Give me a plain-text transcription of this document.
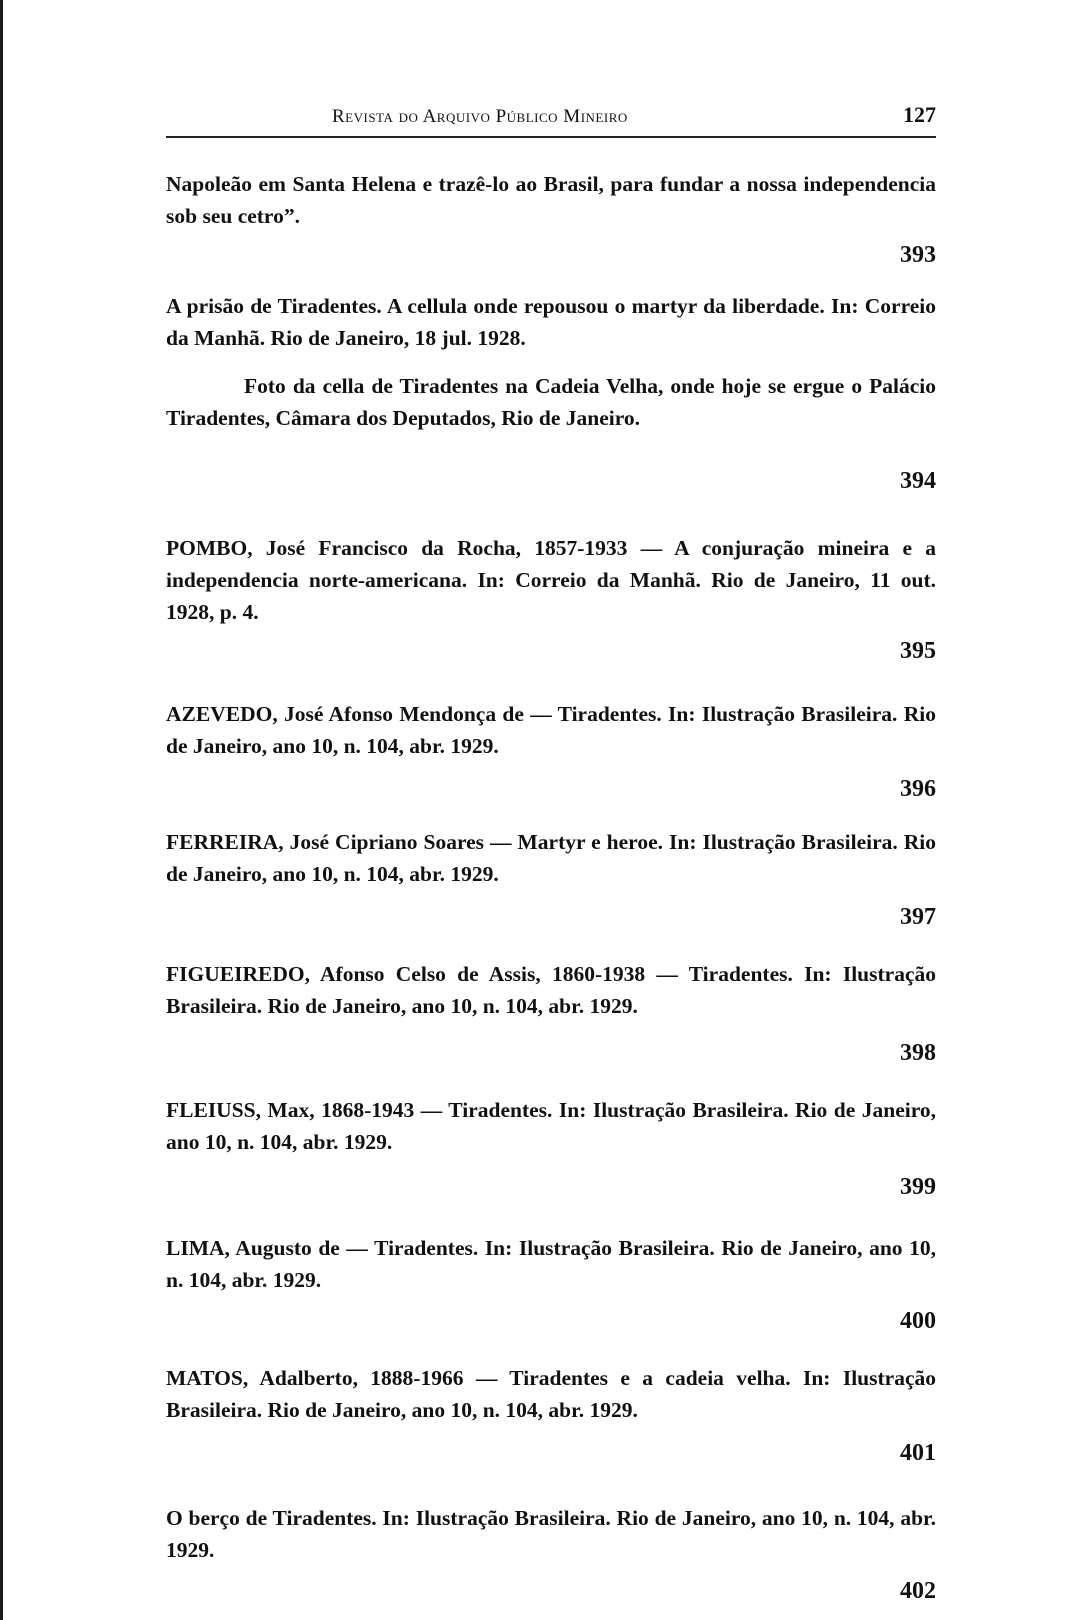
Revista do Arquivo Público Mineiro	127

Napoleão em Santa Helena e trazê-lo ao Brasil, para fundar a nossa independencia sob seu cetro”.

393

A prisão de Tiradentes. A cellula onde repousou o martyr da liberdade. In: Correio da Manhã. Rio de Janeiro, 18 jul. 1928.

Foto da cella de Tiradentes na Cadeia Velha, onde hoje se ergue o Palácio Tiradentes, Câmara dos Deputados, Rio de Janeiro.

394

POMBO, José Francisco da Rocha, 1857-1933 — A conjuração mineira e a independencia norte-americana. In: Correio da Manhã. Rio de Janeiro, 11 out. 1928, p. 4.

395

AZEVEDO, José Afonso Mendonça de — Tiradentes. In: Ilustração Brasileira. Rio de Janeiro, ano 10, n. 104, abr. 1929.

396

FERREIRA, José Cipriano Soares — Martyr e heroe. In: Ilustração Brasileira. Rio de Janeiro, ano 10, n. 104, abr. 1929.

397

FIGUEIREDO, Afonso Celso de Assis, 1860-1938 — Tiradentes. In: Ilustração Brasileira. Rio de Janeiro, ano 10, n. 104, abr. 1929.

398

FLEIUSS, Max, 1868-1943 — Tiradentes. In: Ilustração Brasileira. Rio de Janeiro, ano 10, n. 104, abr. 1929.

399

LIMA, Augusto de — Tiradentes. In: Ilustração Brasileira. Rio de Janeiro, ano 10, n. 104, abr. 1929.

400

MATOS, Adalberto, 1888-1966 — Tiradentes e a cadeia velha. In: Ilustração Brasileira. Rio de Janeiro, ano 10, n. 104, abr. 1929.

401

O berço de Tiradentes. In: Ilustração Brasileira. Rio de Janeiro, ano 10, n. 104, abr. 1929.

402
